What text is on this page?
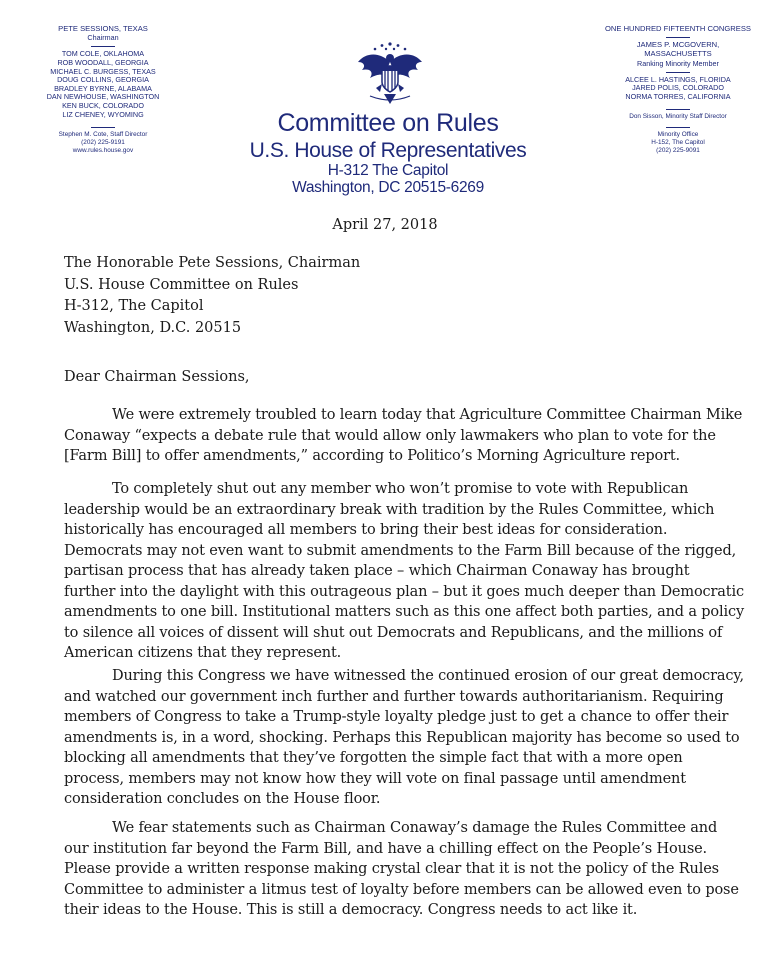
PETE SESSIONS, TEXAS
Chairman
TOM COLE, OKLAHOMA
ROB WOODALL, GEORGIA
MICHAEL C. BURGESS, TEXAS
DOUG COLLINS, GEORGIA
BRADLEY BYRNE, ALABAMA
DAN NEWHOUSE, WASHINGTON
KEN BUCK, COLORADO
LIZ CHENEY, WYOMING
Stephen M. Cote, Staff Director
(202) 225-9191
www.rules.house.gov
ONE HUNDRED FIFTEENTH CONGRESS
JAMES P. MCGOVERN,
MASSACHUSETTS
Ranking Minority Member
ALCEE L. HASTINGS, FLORIDA
JARED POLIS, COLORADO
NORMA TORRES, CALIFORNIA
Don Sisson, Minority Staff Director
Minority Office
H-152, The Capitol
(202) 225-9091
Committee on Rules
U.S. House of Representatives
H-312 The Capitol
Washington, DC 20515-6269
April 27, 2018
The Honorable Pete Sessions, Chairman
U.S. House Committee on Rules
H-312, The Capitol
Washington, D.C. 20515
Dear Chairman Sessions,

We were extremely troubled to learn today that Agriculture Committee Chairman Mike Conaway “expects a debate rule that would allow only lawmakers who plan to vote for the [Farm Bill] to offer amendments,” according to Politico’s Morning Agriculture report.

To completely shut out any member who won’t promise to vote with Republican leadership would be an extraordinary break with tradition by the Rules Committee, which historically has encouraged all members to bring their best ideas for consideration. Democrats may not even want to submit amendments to the Farm Bill because of the rigged, partisan process that has already taken place – which Chairman Conaway has brought further into the daylight with this outrageous plan – but it goes much deeper than Democratic amendments to one bill. Institutional matters such as this one affect both parties, and a policy to silence all voices of dissent will shut out Democrats and Republicans, and the millions of American citizens that they represent.

During this Congress we have witnessed the continued erosion of our great democracy, and watched our government inch further and further towards authoritarianism. Requiring members of Congress to take a Trump-style loyalty pledge just to get a chance to offer their amendments is, in a word, shocking. Perhaps this Republican majority has become so used to blocking all amendments that they’ve forgotten the simple fact that with a more open process, members may not know how they will vote on final passage until amendment consideration concludes on the House floor.

We fear statements such as Chairman Conaway’s damage the Rules Committee and our institution far beyond the Farm Bill, and have a chilling effect on the People’s House. Please provide a written response making crystal clear that it is not the policy of the Rules Committee to administer a litmus test of loyalty before members can be allowed even to pose their ideas to the House. This is still a democracy. Congress needs to act like it.
